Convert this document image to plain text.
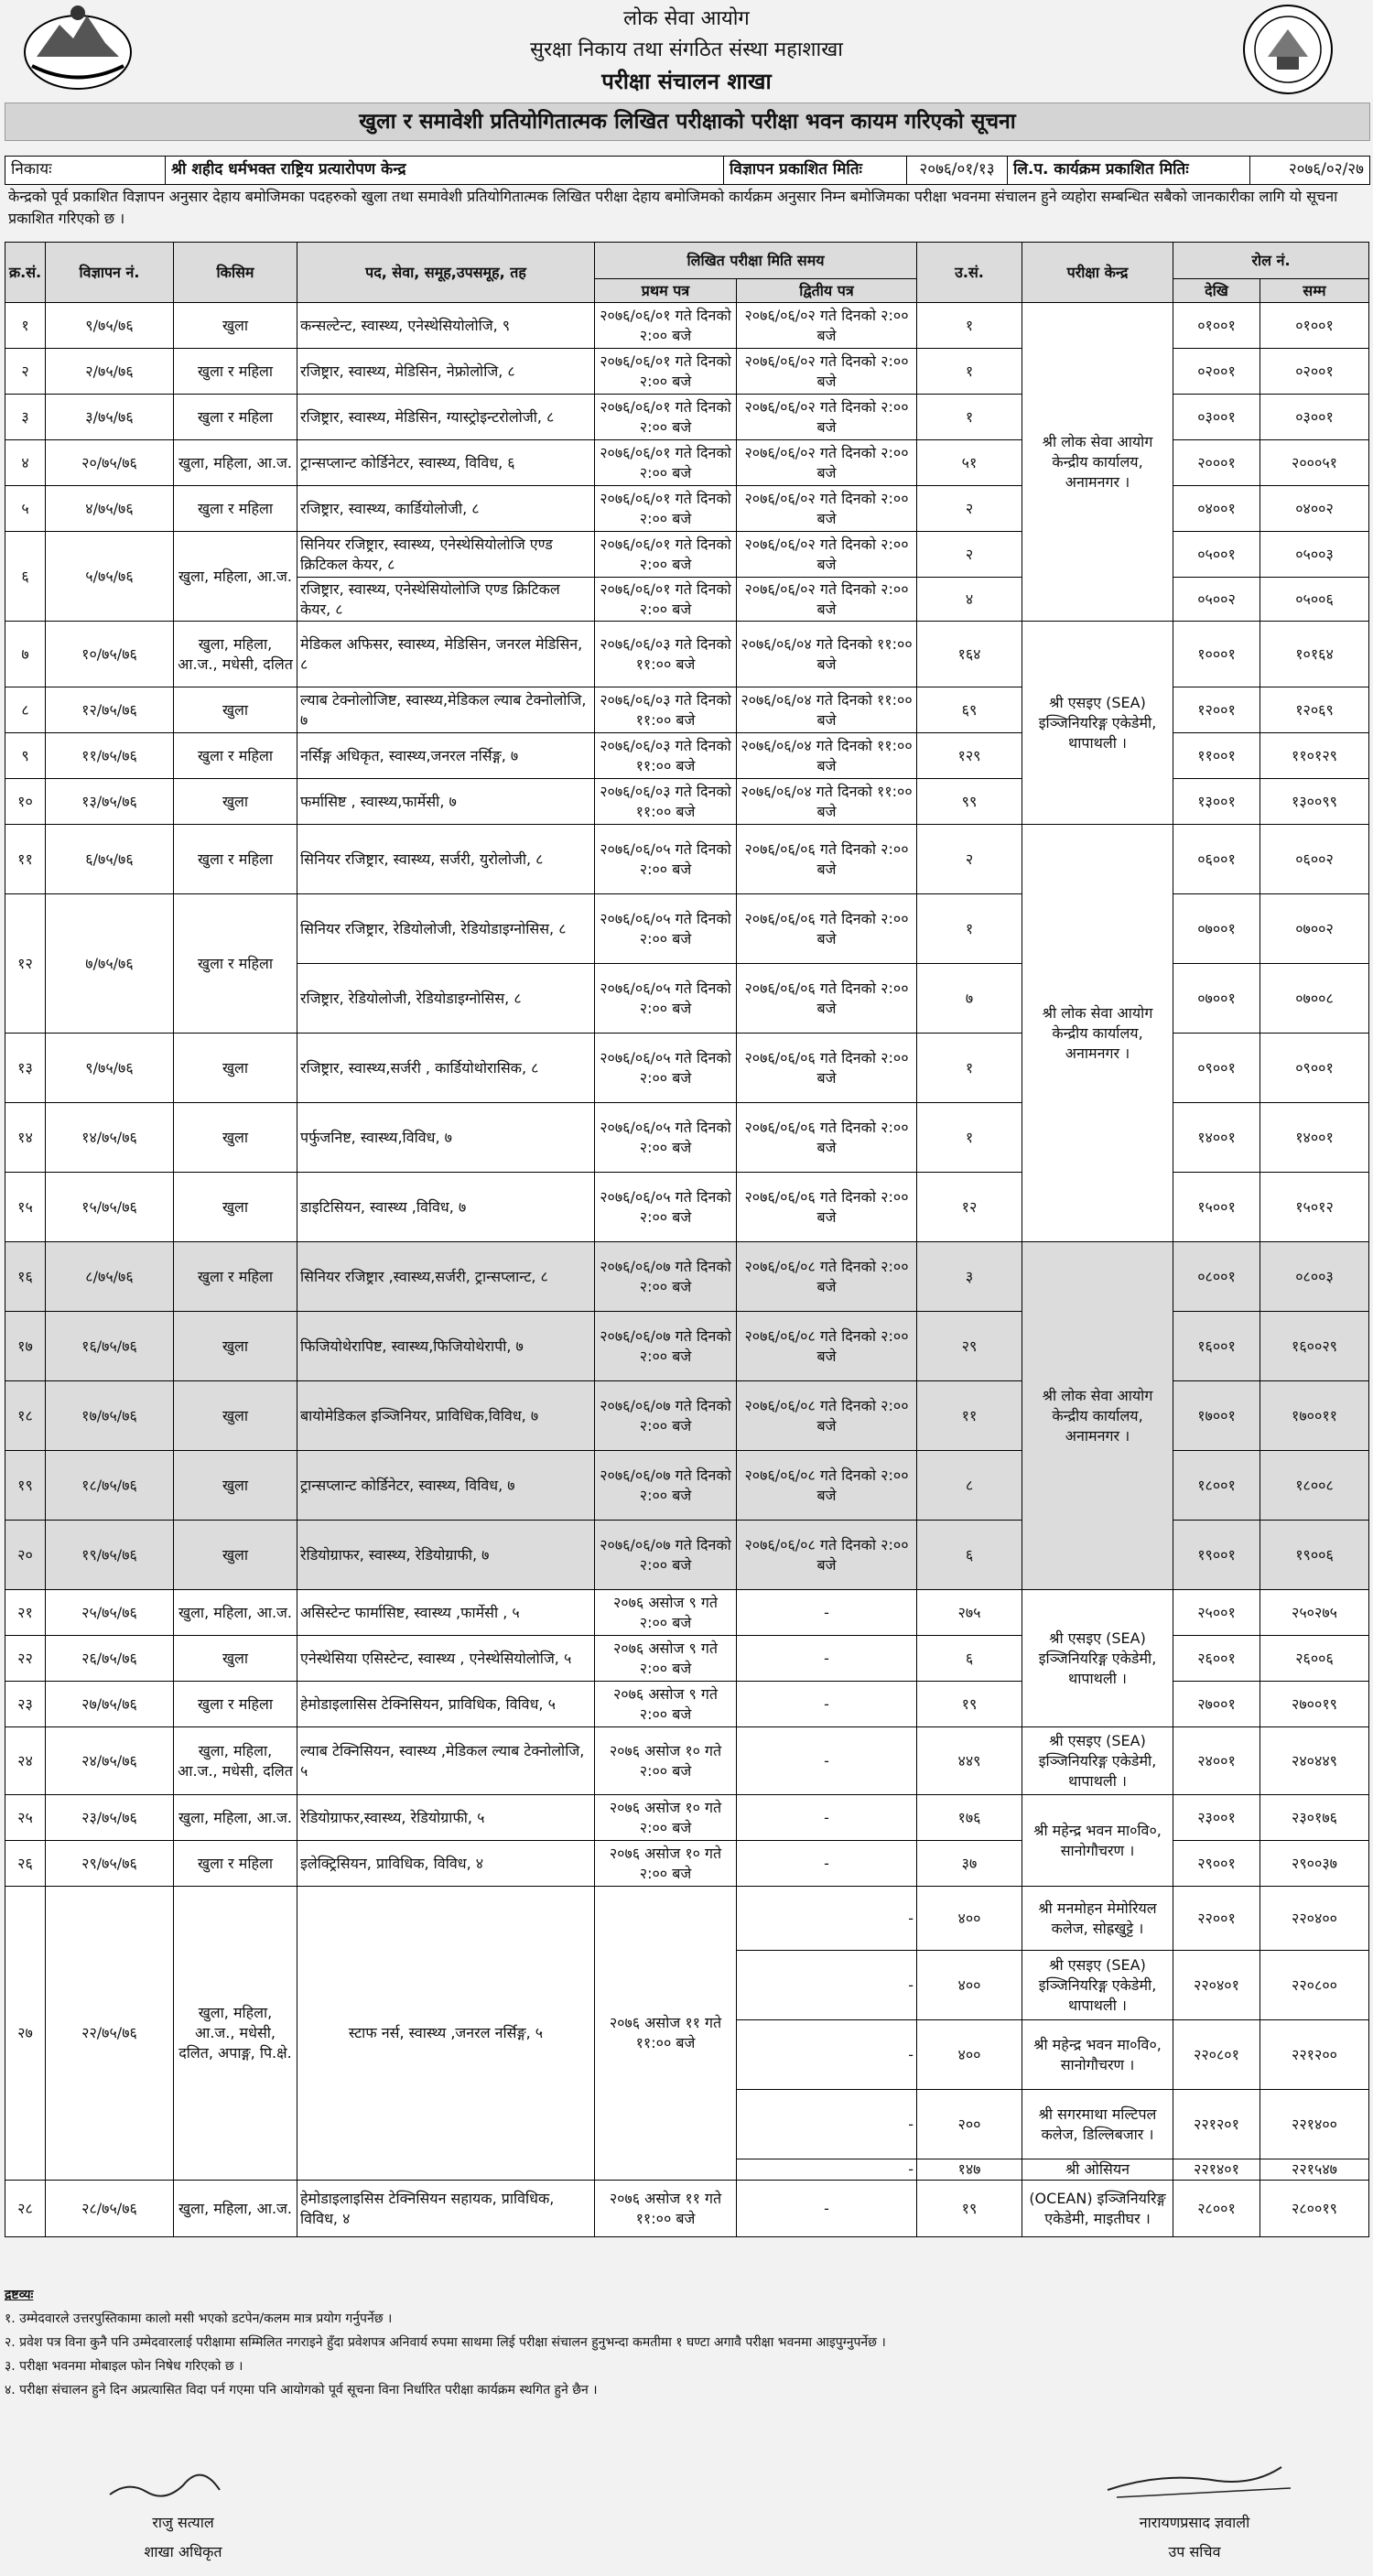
लोक सेवा आयोग
सुरक्षा निकाय तथा संगठित संस्था महाशाखा
परीक्षा संचालन शाखा
खुला र समावेशी प्रतियोगितात्मक लिखित परीक्षाको परीक्षा भवन कायम गरिएको सूचना
निकायः	श्री शहीद धर्मभक्त राष्ट्रिय प्रत्यारोपण केन्द्र	विज्ञापन प्रकाशित मितिः	२०७६/०१/१३	लि.प. कार्यक्रम प्रकाशित मितिः	२०७६/०२/२७
केन्द्रको पूर्व प्रकाशित विज्ञापन अनुसार देहाय बमोजिमका पदहरुको खुला तथा समावेशी प्रतियोगितात्मक लिखित परीक्षा देहाय बमोजिमको कार्यक्रम अनुसार निम्न बमोजिमका परीक्षा भवनमा संचालन हुने व्यहोरा सम्बन्धित सबैको जानकारीका लागि यो सूचना प्रकाशित गरिएको छ ।
क्र.सं.	विज्ञापन नं.	किसिम	पद, सेवा, समूह,उपसमूह, तह	लिखित परीक्षा मिति समय		उ.सं.	परीक्षा केन्द्र	रोल नं.	
				प्रथम पत्र	द्वितीय पत्र			देखि	सम्म
१	९/७५/७६	खुला	कन्सल्टेन्ट, स्वास्थ्य, एनेस्थेसियोलोजि, ९	२०७६/०६/०१ गते दिनको २:०० बजे	२०७६/०६/०२ गते दिनको २:०० बजे	१	श्री लोक सेवा आयोग केन्द्रीय कार्यालय, अनामनगर ।	०१००१	०१००१
२	२/७५/७६	खुला र महिला	रजिष्ट्रार, स्वास्थ्य, मेडिसिन, नेफ्रोलोजि, ८	२०७६/०६/०१ गते दिनको २:०० बजे	२०७६/०६/०२ गते दिनको २:०० बजे	१		०२००१	०२००१
३	३/७५/७६	खुला र महिला	रजिष्ट्रार, स्वास्थ्य, मेडिसिन, ग्यास्ट्रोइन्टरोलोजी, ८	२०७६/०६/०१ गते दिनको २:०० बजे	२०७६/०६/०२ गते दिनको २:०० बजे	१		०३००१	०३००१
४	२०/७५/७६	खुला, महिला, आ.ज.	ट्रान्सप्लान्ट कोर्डिनेटर, स्वास्थ्य, विविध, ६	२०७६/०६/०१ गते दिनको २:०० बजे	२०७६/०६/०२ गते दिनको २:०० बजे	५१		२०००१	२०००५१
५	४/७५/७६	खुला र महिला	रजिष्ट्रार, स्वास्थ्य, कार्डियोलोजी, ८	२०७६/०६/०१ गते दिनको २:०० बजे	२०७६/०६/०२ गते दिनको २:०० बजे	२		०४००१	०४००२
६	५/७५/७६	खुला, महिला, आ.ज.	सिनियर रजिष्ट्रार, स्वास्थ्य, एनेस्थेसियोलोजि एण्ड क्रिटिकल केयर, ८	२०७६/०६/०१ गते दिनको २:०० बजे	२०७६/०६/०२ गते दिनको २:०० बजे	२		०५००१	०५००३
			रजिष्ट्रार, स्वास्थ्य, एनेस्थेसियोलोजि एण्ड क्रिटिकल केयर, ८	२०७६/०६/०१ गते दिनको २:०० बजे	२०७६/०६/०२ गते दिनको २:०० बजे	४		०५००२	०५००६
७	१०/७५/७६	खुला, महिला, आ.ज., मधेसी, दलित	मेडिकल अफिसर, स्वास्थ्य, मेडिसिन, जनरल मेडिसिन, ८	२०७६/०६/०३ गते दिनको ११:०० बजे	२०७६/०६/०४ गते दिनको ११:०० बजे	१६४	श्री एसइए (SEA) इञ्जिनियरिङ्ग एकेडेमी, थापाथली ।	१०००१	१०१६४
८	१२/७५/७६	खुला	ल्याब टेक्नोलोजिष्ट, स्वास्थ्य,मेडिकल ल्याब टेक्नोलोजि, ७	२०७६/०६/०३ गते दिनको ११:०० बजे	२०७६/०६/०४ गते दिनको ११:०० बजे	६९		१२००१	१२०६९
९	११/७५/७६	खुला र महिला	नर्सिङ्ग अधिकृत, स्वास्थ्य,जनरल नर्सिङ्ग, ७	२०७६/०६/०३ गते दिनको ११:०० बजे	२०७६/०६/०४ गते दिनको ११:०० बजे	१२९		११००१	११०१२९
१०	१३/७५/७६	खुला	फर्मासिष्ट , स्वास्थ्य,फार्मेसी, ७	२०७६/०६/०३ गते दिनको ११:०० बजे	२०७६/०६/०४ गते दिनको ११:०० बजे	९९		१३००१	१३००९९
११	६/७५/७६	खुला र महिला	सिनियर रजिष्ट्रार, स्वास्थ्य, सर्जरी, युरोलोजी, ८	२०७६/०६/०५ गते दिनको २:०० बजे	२०७६/०६/०६ गते दिनको २:०० बजे	२	श्री लोक सेवा आयोग केन्द्रीय कार्यालय, अनामनगर ।	०६००१	०६००२
१२	७/७५/७६	खुला र महिला	सिनियर रजिष्ट्रार, रेडियोलोजी, रेडियोडाइग्नोसिस, ८	२०७६/०६/०५ गते दिनको २:०० बजे	२०७६/०६/०६ गते दिनको २:०० बजे	१		०७००१	०७००२
			रजिष्ट्रार, रेडियोलोजी, रेडियोडाइग्नोसिस, ८	२०७६/०६/०५ गते दिनको २:०० बजे	२०७६/०६/०६ गते दिनको २:०० बजे	७		०७००१	०७००८
१३	९/७५/७६	खुला	रजिष्ट्रार, स्वास्थ्य,सर्जरी , कार्डियोथोरासिक, ८	२०७६/०६/०५ गते दिनको २:०० बजे	२०७६/०६/०६ गते दिनको २:०० बजे	१		०९००१	०९००१
१४	१४/७५/७६	खुला	पर्फुजनिष्ट, स्वास्थ्य,विविध, ७	२०७६/०६/०५ गते दिनको २:०० बजे	२०७६/०६/०६ गते दिनको २:०० बजे	१		१४००१	१४००१
१५	१५/७५/७६	खुला	डाइटिसियन, स्वास्थ्य ,विविध, ७	२०७६/०६/०५ गते दिनको २:०० बजे	२०७६/०६/०६ गते दिनको २:०० बजे	१२		१५००१	१५०१२
१६	८/७५/७६	खुला र महिला	सिनियर रजिष्ट्रार ,स्वास्थ्य,सर्जरी, ट्रान्सप्लान्ट, ८	२०७६/०६/०७ गते दिनको २:०० बजे	२०७६/०६/०८ गते दिनको २:०० बजे	३	श्री लोक सेवा आयोग केन्द्रीय कार्यालय, अनामनगर ।	०८००१	०८००३
१७	१६/७५/७६	खुला	फिजियोथेरापिष्ट, स्वास्थ्य,फिजियोथेरापी, ७	२०७६/०६/०७ गते दिनको २:०० बजे	२०७६/०६/०८ गते दिनको २:०० बजे	२९		१६००१	१६००२९
१८	१७/७५/७६	खुला	बायोमेडिकल इञ्जिनियर, प्राविधिक,विविध, ७	२०७६/०६/०७ गते दिनको २:०० बजे	२०७६/०६/०८ गते दिनको २:०० बजे	११		१७००१	१७००११
१९	१८/७५/७६	खुला	ट्रान्सप्लान्ट कोर्डिनेटर, स्वास्थ्य, विविध, ७	२०७६/०६/०७ गते दिनको २:०० बजे	२०७६/०६/०८ गते दिनको २:०० बजे	८		१८००१	१८००८
२०	१९/७५/७६	खुला	रेडियोग्राफर, स्वास्थ्य, रेडियोग्राफी, ७	२०७६/०६/०७ गते दिनको २:०० बजे	२०७६/०६/०८ गते दिनको २:०० बजे	६		१९००१	१९००६
२१	२५/७५/७६	खुला, महिला, आ.ज.	असिस्टेन्ट फार्मासिष्ट, स्वास्थ्य ,फार्मेसी , ५	२०७६ असोज ९ गते २:०० बजे	-	२७५	श्री एसइए (SEA) इञ्जिनियरिङ्ग एकेडेमी, थापाथली ।	२५००१	२५०२७५
२२	२६/७५/७६	खुला	एनेस्थेसिया एसिस्टेन्ट, स्वास्थ्य , एनेस्थेसियोलोजि, ५	२०७६ असोज ९ गते २:०० बजे	-	६		२६००१	२६००६
२३	२७/७५/७६	खुला र महिला	हेमोडाइलासिस टेक्निसियन, प्राविधिक, विविध, ५	२०७६ असोज ९ गते २:०० बजे	-	१९		२७००१	२७००१९
२४	२४/७५/७६	खुला, महिला, आ.ज., मधेसी, दलित	ल्याब टेक्निसियन, स्वास्थ्य ,मेडिकल ल्याब टेक्नोलोजि, ५	२०७६ असोज १० गते २:०० बजे	-	४४९	श्री एसइए (SEA) इञ्जिनियरिङ्ग एकेडेमी, थापाथली ।	२४००१	२४०४४९
२५	२३/७५/७६	खुला, महिला, आ.ज.	रेडियोग्राफर,स्वास्थ्य, रेडियोग्राफी, ५	२०७६ असोज १० गते २:०० बजे	-	१७६	श्री महेन्द्र भवन मा०वि०, सानोगौचरण ।	२३००१	२३०१७६
२६	२९/७५/७६	खुला र महिला	इलेक्ट्रिसियन, प्राविधिक, विविध, ४	२०७६ असोज १० गते २:०० बजे	-	३७		२९००१	२९००३७
२७	२२/७५/७६	खुला, महिला, आ.ज., मधेसी, दलित, अपाङ्ग, पि.क्षे.	स्टाफ नर्स, स्वास्थ्य ,जनरल नर्सिङ्ग, ५	२०७६ असोज ११ गते ११:०० बजे	-	४००	श्री मनमोहन मेमोरियल कलेज, सोह्रखुट्टे ।	२२००१	२२०४००
					-	४००	श्री एसइए (SEA) इञ्जिनियरिङ्ग एकेडेमी, थापाथली ।	२२०४०१	२२०८००
					-	४००	श्री महेन्द्र भवन मा०वि०, सानोगौचरण ।	२२०८०१	२२१२००
					-	२००	श्री सगरमाथा मल्टिपल कलेज, डिल्लिबजार ।	२२१२०१	२२१४००
					-	१४७	श्री ओसियन	२२१४०१	२२१५४७
२८	२८/७५/७६	खुला, महिला, आ.ज.	हेमोडाइलाइसिस टेक्निसियन सहायक, प्राविधिक, विविध, ४	२०७६ असोज ११ गते ११:०० बजे	-	१९	(OCEAN) इञ्जिनियरिङ्ग एकेडेमी, माइतीघर ।	२८००१	२८००१९
द्रष्टव्यः
१. उम्मेदवारले उत्तरपुस्तिकामा कालो मसी भएको डटपेन/कलम मात्र प्रयोग गर्नुपर्नेछ ।
२. प्रवेश पत्र विना कुनै पनि उम्मेदवारलाई परीक्षामा सम्मिलित नगराइने हुँदा प्रवेशपत्र अनिवार्य रुपमा साथमा लिई परीक्षा संचालन हुनुभन्दा कमतीमा १ घण्टा अगावै परीक्षा भवनमा आइपुग्नुपर्नेछ ।
३. परीक्षा भवनमा मोबाइल फोन निषेध गरिएको छ ।
४. परीक्षा संचालन हुने दिन अप्रत्यासित विदा पर्न गएमा पनि आयोगको पूर्व सूचना विना निर्धारित परीक्षा कार्यक्रम स्थगित हुने छैन ।
राजु सत्याल
शाखा अधिकृत
नारायणप्रसाद ज्ञवाली
उप सचिव
